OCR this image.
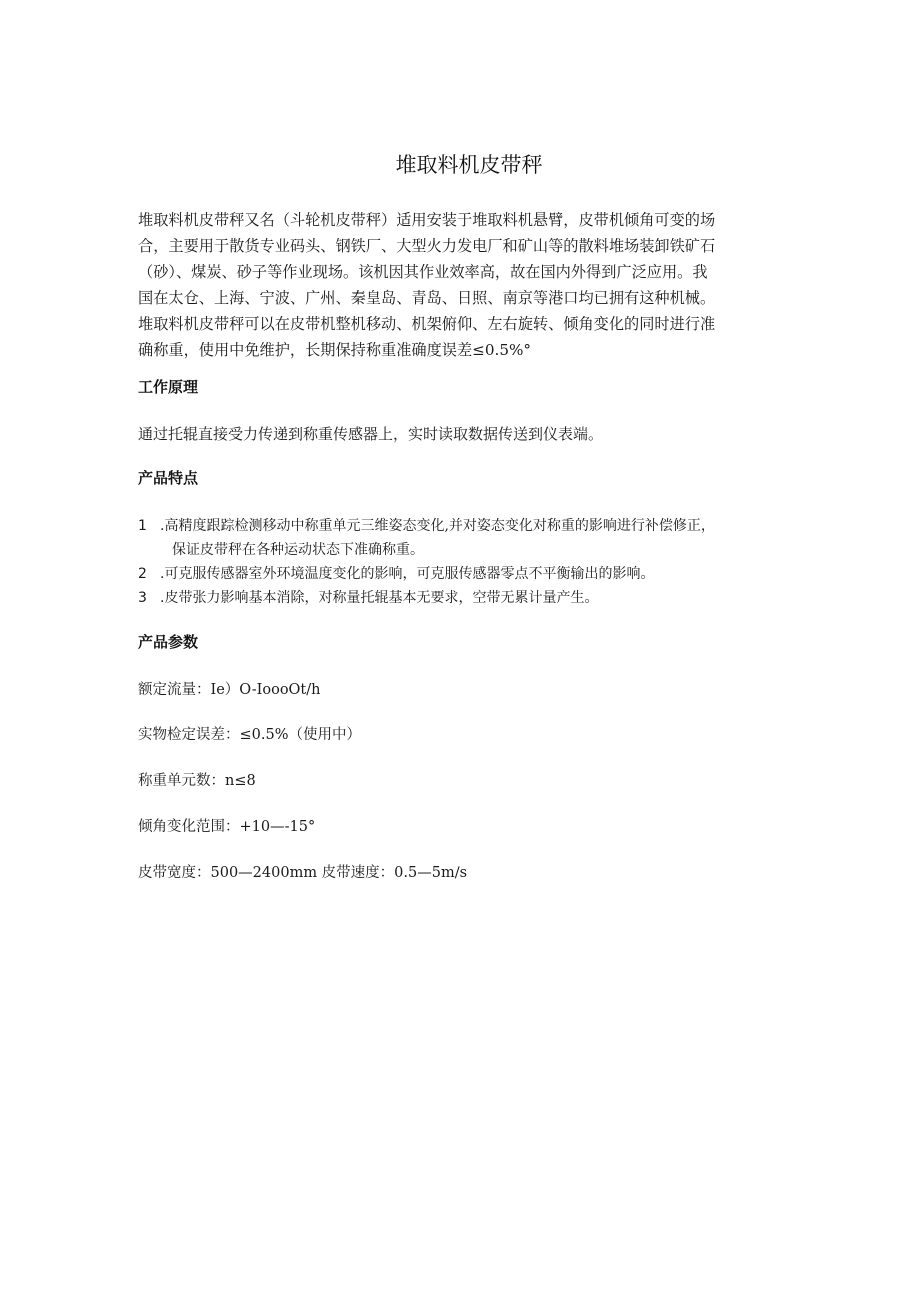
堆取料机皮带秤

堆取料机皮带秤又名（斗轮机皮带秤）适用安装于堆取料机悬臂，皮带机倾角可变的场
合，主要用于散货专业码头、钢铁厂、大型火力发电厂和矿山等的散料堆场装卸铁矿石
（砂）、煤炭、砂子等作业现场。该机因其作业效率高，故在国内外得到广泛应用。我
国在太仓、上海、宁波、广州、秦皇岛、青岛、日照、南京等港口均已拥有这种机械。
堆取料机皮带秤可以在皮带机整机移动、机架俯仰、左右旋转、倾角变化的同时进行准
确称重，使用中免维护，长期保持称重准确度误差≤0.5%°

工作原理

通过托辊直接受力传递到称重传感器上，实时读取数据传送到仪表端。

产品特点
1 .高精度跟踪检测移动中称重单元三维姿态变化,并对姿态变化对称重的影响进行补偿修正，
保证皮带秤在各种运动状态下准确称重。
2 .可克服传感器室外环境温度变化的影响，可克服传感器零点不平衡输出的影响。
3 .皮带张力影响基本消除，对称量托辊基本无要求，空带无累计量产生。
产品参数

额定流量：Ie）O-IoooOt/h

实物检定误差：≤0.5%（使用中）

称重单元数：n≤8

倾角变化范围：+10—-15°

皮带宽度：500—2400mm 皮带速度：0.5—5m∕s
